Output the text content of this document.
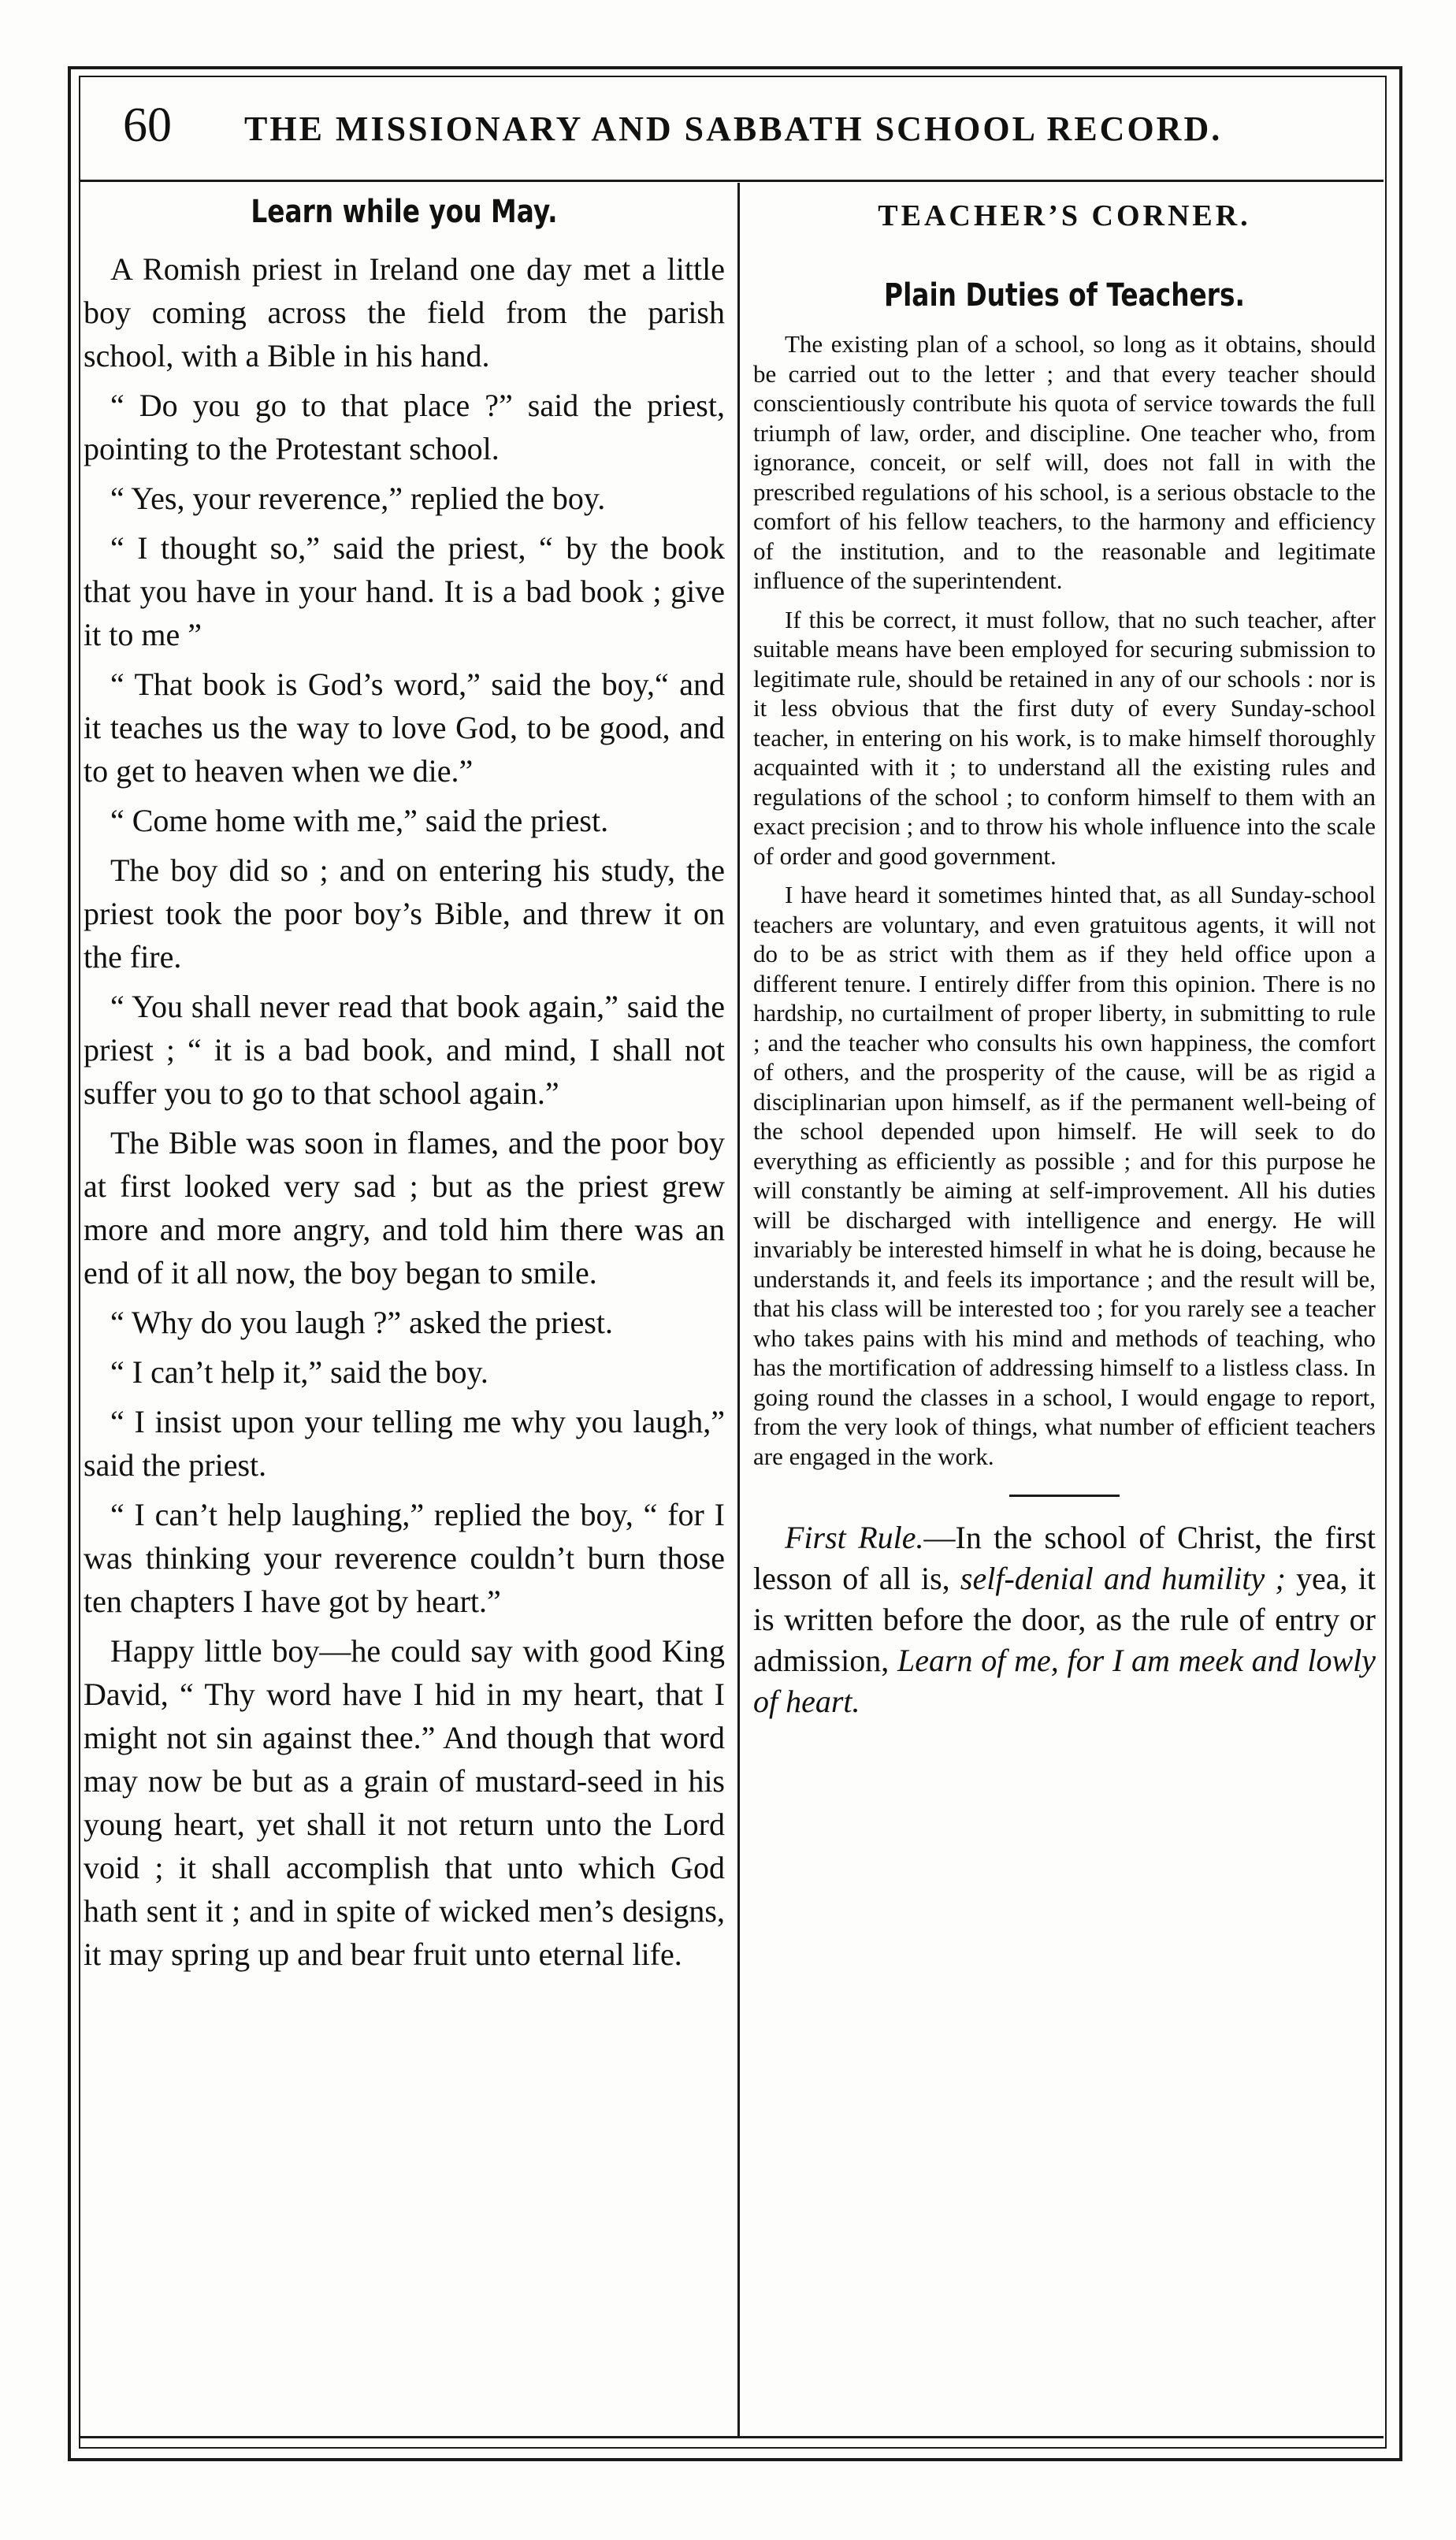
60 THE MISSIONARY AND SABBATH SCHOOL RECORD.
Learn while you May.

A Romish priest in Ireland one day met a little boy coming across the field from the parish school, with a Bible in his hand.

“ Do you go to that place ?” said the priest, pointing to the Protestant school.

“ Yes, your reverence,” replied the boy.

“ I thought so,” said the priest, “ by the book that you have in your hand. It is a bad book ; give it to me ”

“ That book is God’s word,” said the boy,“ and it teaches us the way to love God, to be good, and to get to heaven when we die.”

“ Come home with me,” said the priest.

The boy did so ; and on entering his study, the priest took the poor boy’s Bible, and threw it on the fire.

“ You shall never read that book again,” said the priest ; “ it is a bad book, and mind, I shall not suffer you to go to that school again.”

The Bible was soon in flames, and the poor boy at first looked very sad ; but as the priest grew more and more angry, and told him there was an end of it all now, the boy began to smile.

“ Why do you laugh ?” asked the priest.

“ I can’t help it,” said the boy.

“ I insist upon your telling me why you laugh,” said the priest.

“ I can’t help laughing,” replied the boy, “ for I was thinking your reverence couldn’t burn those ten chapters I have got by heart.”

Happy little boy—he could say with good King David, “ Thy word have I hid in my heart, that I might not sin against thee.” And though that word may now be but as a grain of mustard-seed in his young heart, yet shall it not return unto the Lord void ; it shall accomplish that unto which God hath sent it ; and in spite of wicked men’s designs, it may spring up and bear fruit unto eternal life.

TEACHER’S CORNER.
Plain Duties of Teachers.

The existing plan of a school, so long as it obtains, should be carried out to the letter ; and that every teacher should conscientiously contribute his quota of service towards the full triumph of law, order, and discipline. One teacher who, from ignorance, conceit, or self will, does not fall in with the prescribed regulations of his school, is a serious obstacle to the comfort of his fellow teachers, to the harmony and efficiency of the institution, and to the reasonable and legitimate influence of the superintendent.

If this be correct, it must follow, that no such teacher, after suitable means have been employed for securing submission to legitimate rule, should be retained in any of our schools : nor is it less obvious that the first duty of every Sunday-school teacher, in entering on his work, is to make himself thoroughly acquainted with it ; to understand all the existing rules and regulations of the school ; to conform himself to them with an exact precision ; and to throw his whole influence into the scale of order and good government.

I have heard it sometimes hinted that, as all Sunday-school teachers are voluntary, and even gratuitous agents, it will not do to be as strict with them as if they held office upon a different tenure. I entirely differ from this opinion. There is no hardship, no curtailment of proper liberty, in submitting to rule ; and the teacher who consults his own happiness, the comfort of others, and the prosperity of the cause, will be as rigid a disciplinarian upon himself, as if the permanent well-being of the school depended upon himself. He will seek to do everything as efficiently as possible ; and for this purpose he will constantly be aiming at self-improvement. All his duties will be discharged with intelligence and energy. He will invariably be interested himself in what he is doing, because he understands it, and feels its importance ; and the result will be, that his class will be interested too ; for you rarely see a teacher who takes pains with his mind and methods of teaching, who has the mortification of addressing himself to a listless class. In going round the classes in a school, I would engage to report, from the very look of things, what number of efficient teachers are engaged in the work.

First Rule.—In the school of Christ, the first lesson of all is, self-denial and humility ; yea, it is written before the door, as the rule of entry or admission, Learn of me, for I am meek and lowly of heart.
